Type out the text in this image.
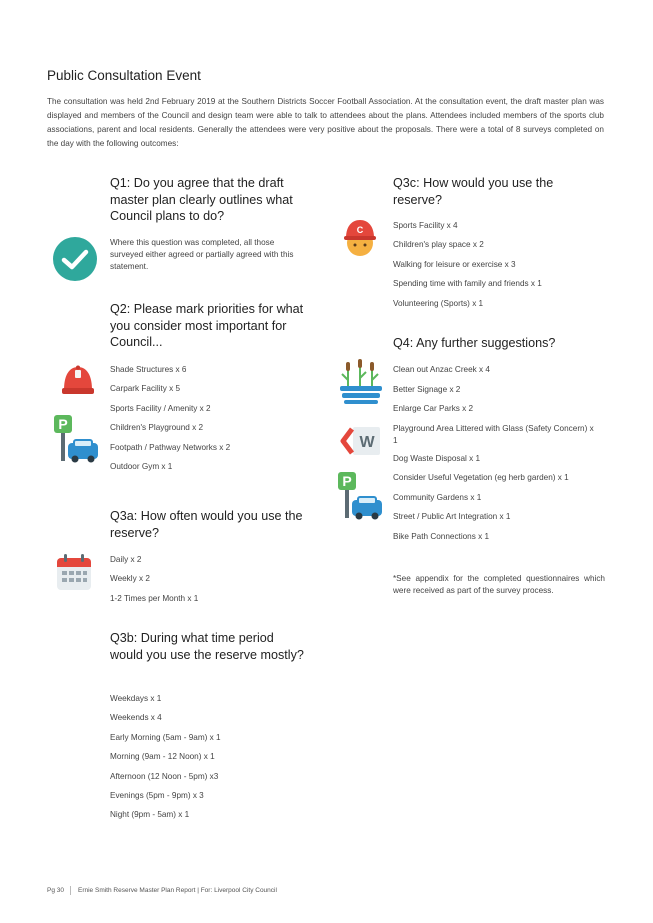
Public Consultation Event
The consultation was held 2nd February 2019 at the Southern Districts Soccer Football Association. At the consultation event, the draft master plan was displayed and members of the Council and design team were able to talk to attendees about the plans. Attendees included members of the sports club associations, parent and local residents. Generally the attendees were very positive about the proposals. There were a total of 8 surveys completed on the day with the following outcomes:
Q1: Do you agree that the draft master plan clearly outlines what Council plans to do?
Where this question was completed, all those surveyed either agreed or partially agreed with this statement.
Q2: Please mark priorities for what you consider most important for Council...
P
Shade Structures x 6
Carpark Facility x 5
Sports Facility / Amenity x 2
Children's Playground x 2
Footpath / Pathway Networks x 2
Outdoor Gym x 1
Q3a: How often would you use the reserve?
Daily x 2
Weekly x 2
1-2 Times per Month x 1
Q3b: During what time period would you use the reserve mostly?
Weekdays x 1
Weekends x 4
Early Morning (5am - 9am) x 1
Morning (9am - 12 Noon) x 1
Afternoon (12 Noon - 5pm) x3
Evenings (5pm - 9pm) x 3
Night (9pm - 5am) x 1
Q3c: How would you use the reserve?
C	Sports Facility x 4
Children's play space x 2
Walking for leisure or exercise x 3
Spending time with family and friends x 1
Volunteering (Sports) x 1
Q4: Any further suggestions?
W
P
Clean out Anzac Creek x 4
Better Signage x 2
Enlarge Car Parks x 2
Playground Area Littered with Glass (Safety Concern) x 1
Dog Waste Disposal x 1
Consider Useful Vegetation (eg herb garden) x 1
Community Gardens x 1
Street / Public Art Integration x 1
Bike Path Connections x 1
*See appendix for the completed questionnaires which were received as part of the survey process.
Pg 30 Ernie Smith Reserve Master Plan Report | For: Liverpool City Council
